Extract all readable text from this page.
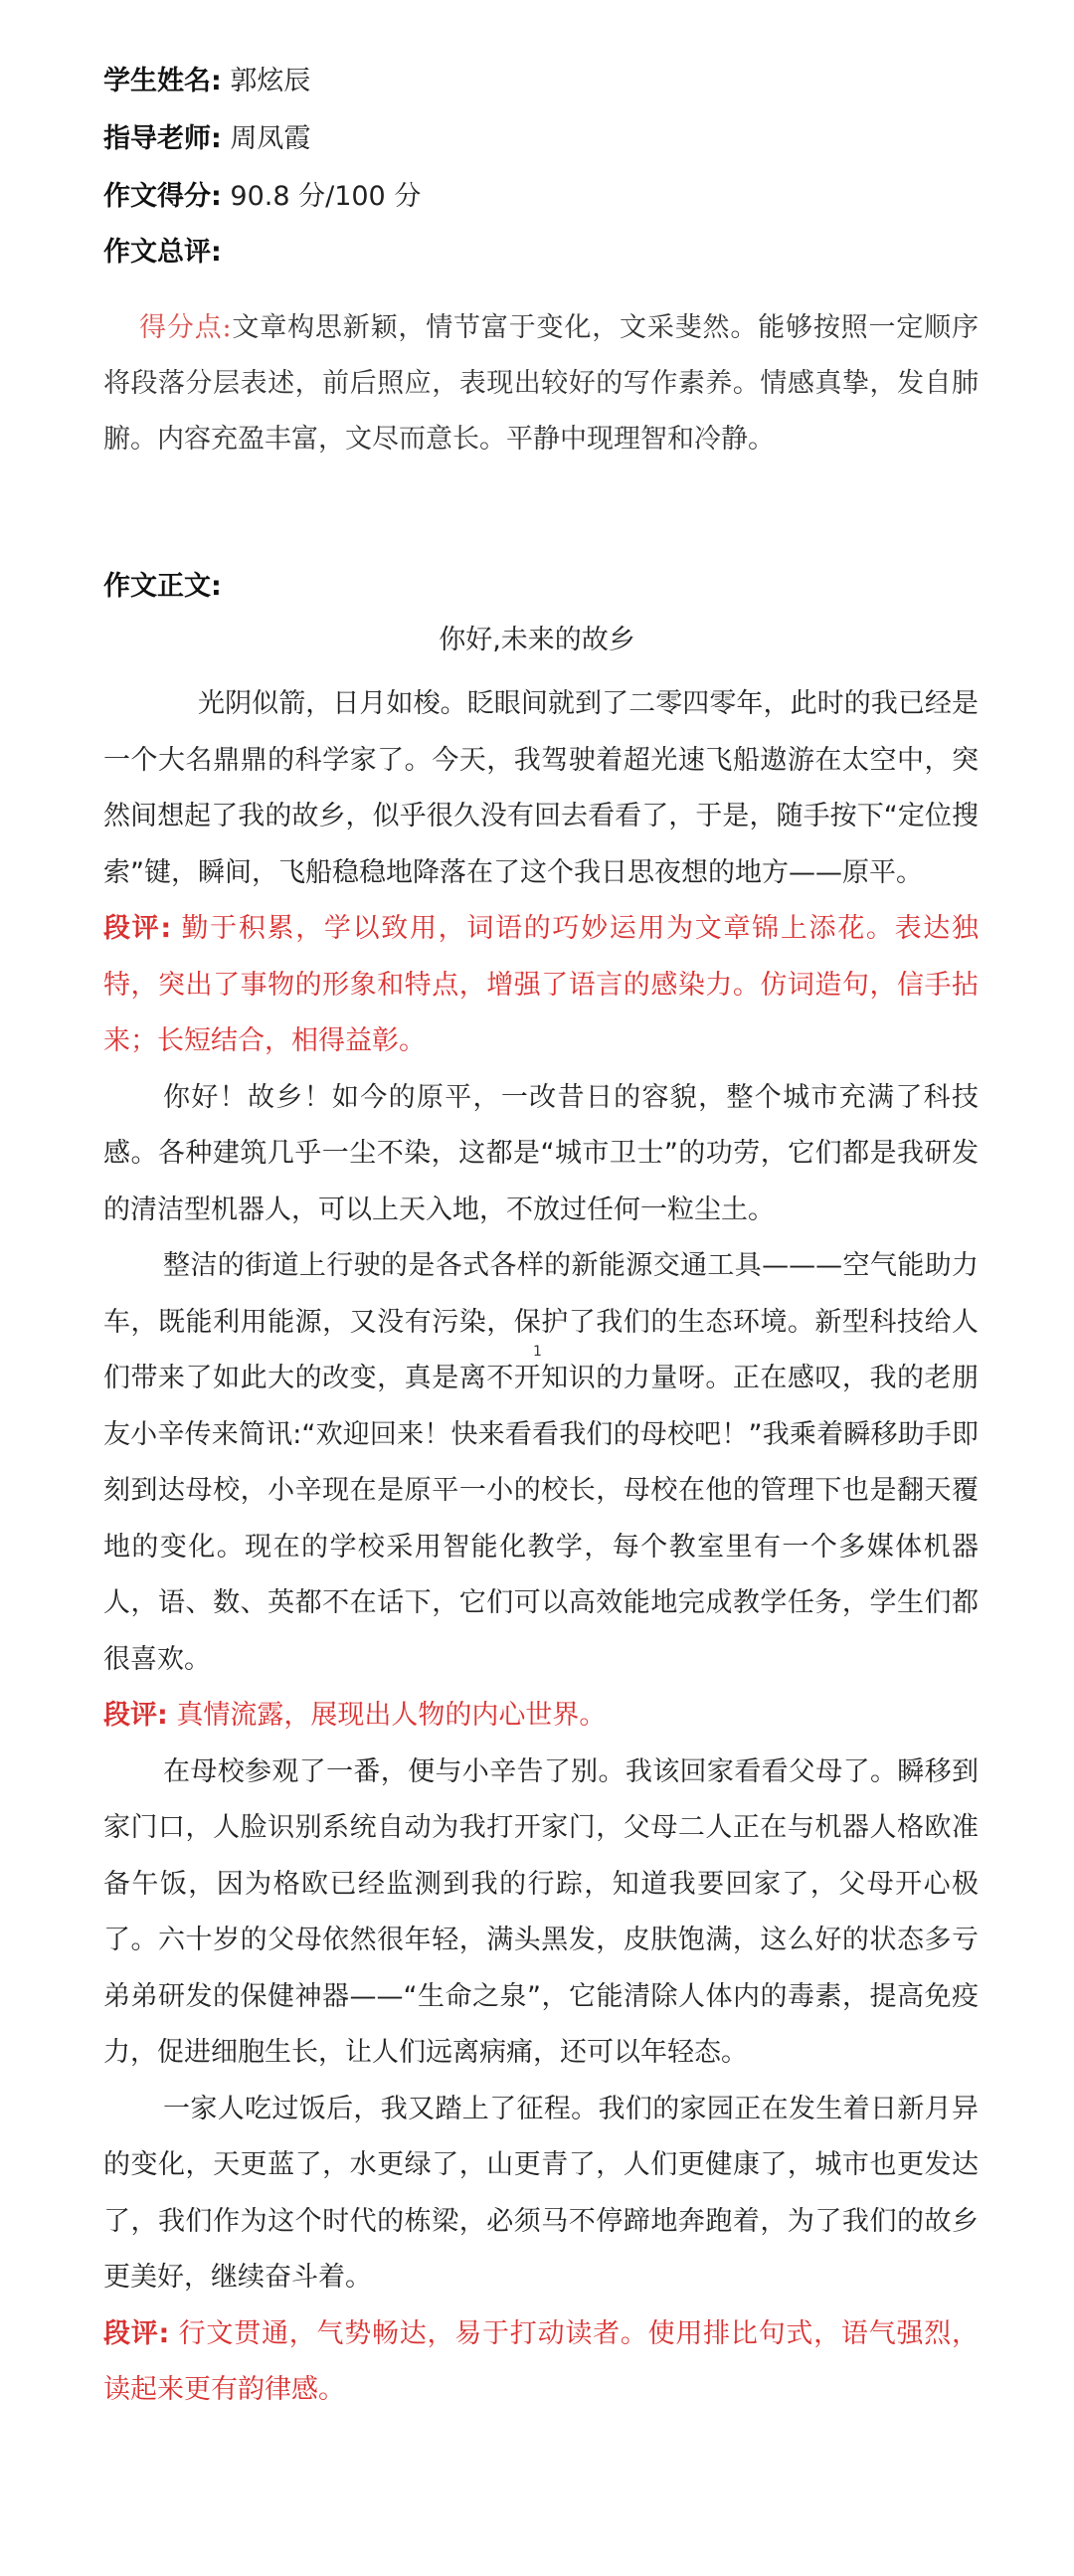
学生姓名: 郭炫辰
指导老师: 周凤霞
作文得分: 90.8 分/100 分
作文总评:
得分点:文章构思新颖，情节富于变化，文采斐然。能够按照一定顺序将段落分层表述，前后照应，表现出较好的写作素养。情感真挚，发自肺腑。内容充盈丰富，文尽而意长。平静中现理智和冷静。
作文正文:
你好,未来的故乡

光阴似箭，日月如梭。眨眼间就到了二零四零年，此时的我已经是一个大名鼎鼎的科学家了。今天，我驾驶着超光速飞船遨游在太空中，突然间想起了我的故乡，似乎很久没有回去看看了，于是，随手按下“定位搜索”键，瞬间，飞船稳稳地降落在了这个我日思夜想的地方——原平。

段评: 勤于积累，学以致用，词语的巧妙运用为文章锦上添花。表达独特，突出了事物的形象和特点，增强了语言的感染力。仿词造句，信手拈来；长短结合，相得益彰。

你好！故乡！如今的原平，一改昔日的容貌，整个城市充满了科技感。各种建筑几乎一尘不染，这都是“城市卫士”的功劳，它们都是我研发的清洁型机器人，可以上天入地，不放过任何一粒尘土。

整洁的街道上行驶的是各式各样的新能源交通工具———空气能助力车，既能利用能源，又没有污染，保护了我们的生态环境。新型科技给人们带来了如此大的改变，真是离不开知识的力量呀。正在感叹，我的老朋友小辛传来简讯:“欢迎回来！快来看看我们的母校吧！”我乘着瞬移助手即刻到达母校，小辛现在是原平一小的校长，母校在他的管理下也是翻天覆地的变化。现在的学校采用智能化教学，每个教室里有一个多媒体机器人，语、数、英都不在话下，它们可以高效能地完成教学任务，学生们都很喜欢。

段评: 真情流露，展现出人物的内心世界。

在母校参观了一番，便与小辛告了别。我该回家看看父母了。瞬移到家门口，人脸识别系统自动为我打开家门，父母二人正在与机器人格欧准备午饭，因为格欧已经监测到我的行踪，知道我要回家了，父母开心极了。六十岁的父母依然很年轻，满头黑发，皮肤饱满，这么好的状态多亏弟弟研发的保健神器——“生命之泉”，它能清除人体内的毒素，提高免疫力，促进细胞生长，让人们远离病痛，还可以年轻态。

一家人吃过饭后，我又踏上了征程。我们的家园正在发生着日新月异的变化，天更蓝了，水更绿了，山更青了，人们更健康了，城市也更发达了，我们作为这个时代的栋梁，必须马不停蹄地奔跑着，为了我们的故乡更美好，继续奋斗着。

段评: 行文贯通，气势畅达，易于打动读者。使用排比句式，语气强烈，读起来更有韵律感。

1
